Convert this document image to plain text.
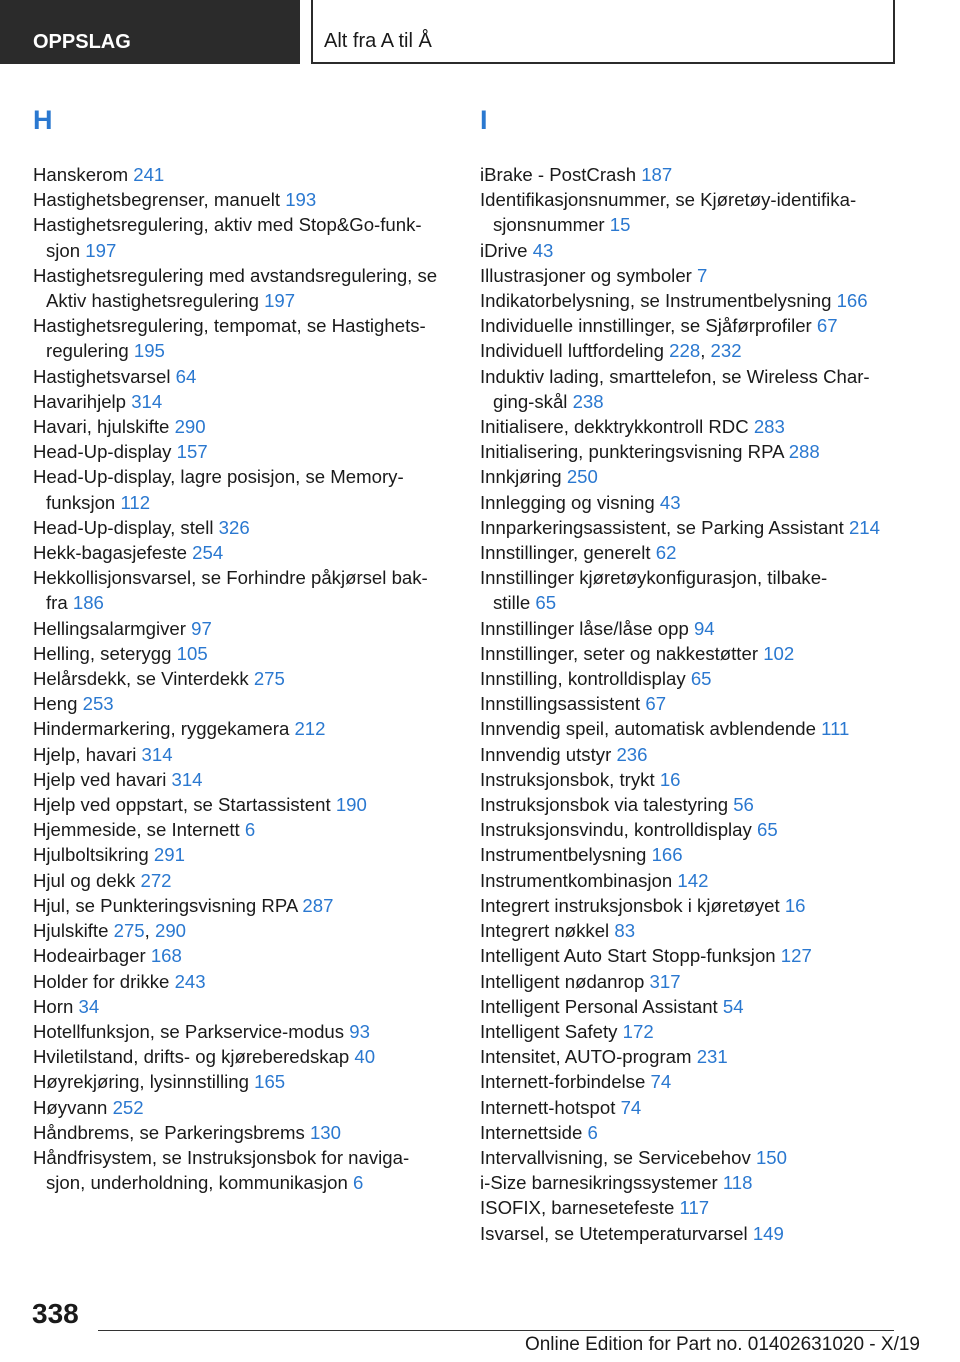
OPPSLAG	Alt fra A til Å
H
Hanskerom 241
Hastighetsbegrenser, manuelt 193
Hastighetsregulering, aktiv med Stop&Go-funk-
sjon 197
Hastighetsregulering med avstandsregulering, se
Aktiv hastighetsregulering 197
Hastighetsregulering, tempomat, se Hastighets-
regulering 195
Hastighetsvarsel 64
Havarihjelp 314
Havari, hjulskifte 290
Head-Up-display 157
Head-Up-display, lagre posisjon, se Memory-
funksjon 112
Head-Up-display, stell 326
Hekk-bagasjefeste 254
Hekkollisjonsvarsel, se Forhindre påkjørsel bak-
fra 186
Hellingsalarmgiver 97
Helling, seterygg 105
Helårsdekk, se Vinterdekk 275
Heng 253
Hindermarkering, ryggekamera 212
Hjelp, havari 314
Hjelp ved havari 314
Hjelp ved oppstart, se Startassistent 190
Hjemmeside, se Internett 6
Hjulboltsikring 291
Hjul og dekk 272
Hjul, se Punkteringsvisning RPA 287
Hjulskifte 275, 290
Hodeairbager 168
Holder for drikke 243
Horn 34
Hotellfunksjon, se Parkservice-modus 93
Hviletilstand, drifts- og kjøreberedskap 40
Høyrekjøring, lysinnstilling 165
Høyvann 252
Håndbrems, se Parkeringsbrems 130
Håndfrisystem, se Instruksjonsbok for naviga-
sjon, underholdning, kommunikasjon 6
I
iBrake - PostCrash 187
Identifikasjonsnummer, se Kjøretøy-identifika-
sjonsnummer 15
iDrive 43
Illustrasjoner og symboler 7
Indikatorbelysning, se Instrumentbelysning 166
Individuelle innstillinger, se Sjåførprofiler 67
Individuell luftfordeling 228, 232
Induktiv lading, smarttelefon, se Wireless Char-
ging-skål 238
Initialisere, dekktrykkontroll RDC 283
Initialisering, punkteringsvisning RPA 288
Innkjøring 250
Innlegging og visning 43
Innparkeringsassistent, se Parking Assistant 214
Innstillinger, generelt 62
Innstillinger kjøretøykonfigurasjon, tilbake-
stille 65
Innstillinger låse/låse opp 94
Innstillinger, seter og nakkestøtter 102
Innstilling, kontrolldisplay 65
Innstillingsassistent 67
Innvendig speil, automatisk avblendende 111
Innvendig utstyr 236
Instruksjonsbok, trykt 16
Instruksjonsbok via talestyring 56
Instruksjonsvindu, kontrolldisplay 65
Instrumentbelysning 166
Instrumentkombinasjon 142
Integrert instruksjonsbok i kjøretøyet 16
Integrert nøkkel 83
Intelligent Auto Start Stopp-funksjon 127
Intelligent nødanrop 317
Intelligent Personal Assistant 54
Intelligent Safety 172
Intensitet, AUTO-program 231
Internett-forbindelse 74
Internett-hotspot 74
Internettside 6
Intervallvisning, se Servicebehov 150
i-Size barnesikringssystemer 118
ISOFIX, barnesetefeste 117
Isvarsel, se Utetemperaturvarsel 149
338
Online Edition for Part no. 01402631020 - X/19
